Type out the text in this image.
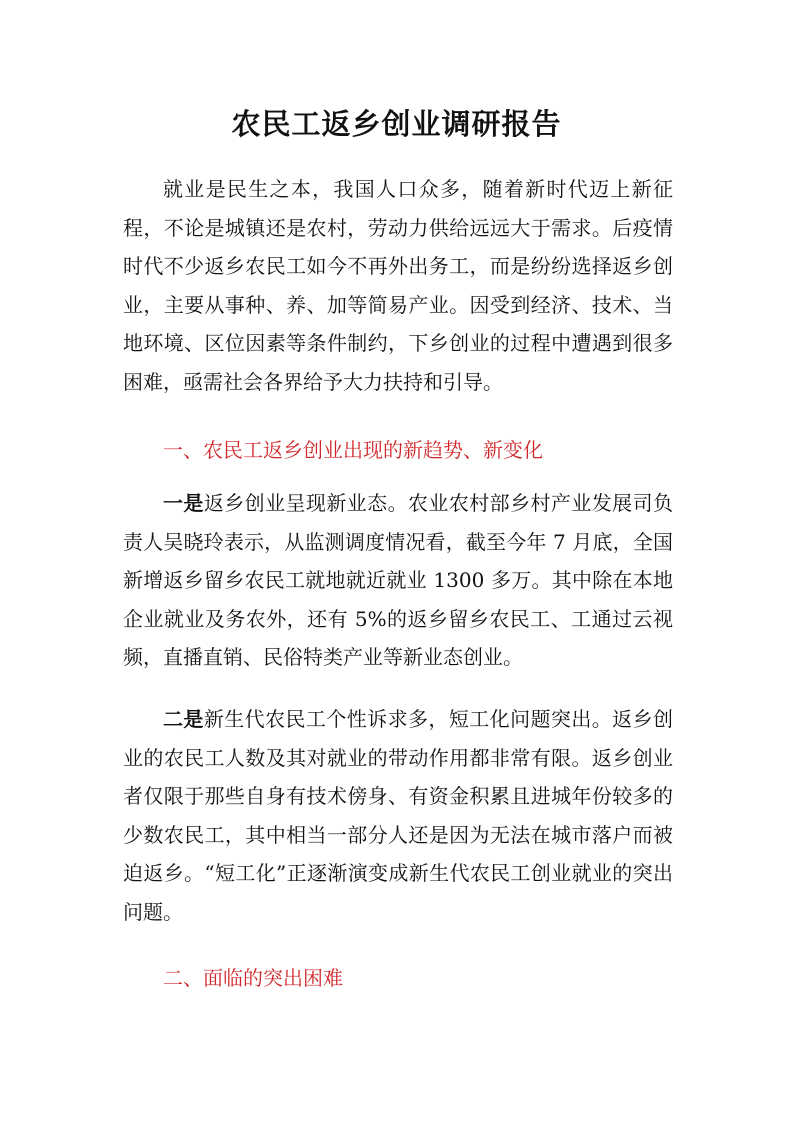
农民工返乡创业调研报告

就业是民生之本，我国人口众多，随着新时代迈上新征程，不论是城镇还是农村，劳动力供给远远大于需求。后疫情时代不少返乡农民工如今不再外出务工，而是纷纷选择返乡创业，主要从事种、养、加等简易产业。因受到经济、技术、当地环境、区位因素等条件制约，下乡创业的过程中遭遇到很多困难，亟需社会各界给予大力扶持和引导。

一、农民工返乡创业出现的新趋势、新变化

一是返乡创业呈现新业态。农业农村部乡村产业发展司负责人吴晓玲表示，从监测调度情况看，截至今年 7 月底，全国新增返乡留乡农民工就地就近就业 1300 多万。其中除在本地企业就业及务农外，还有 5%的返乡留乡农民工、工通过云视频，直播直销、民俗特类产业等新业态创业。

二是新生代农民工个性诉求多，短工化问题突出。返乡创业的农民工人数及其对就业的带动作用都非常有限。返乡创业者仅限于那些自身有技术傍身、有资金积累且进城年份较多的少数农民工，其中相当一部分人还是因为无法在城市落户而被迫返乡。“短工化”正逐渐演变成新生代农民工创业就业的突出问题。

二、面临的突出困难
